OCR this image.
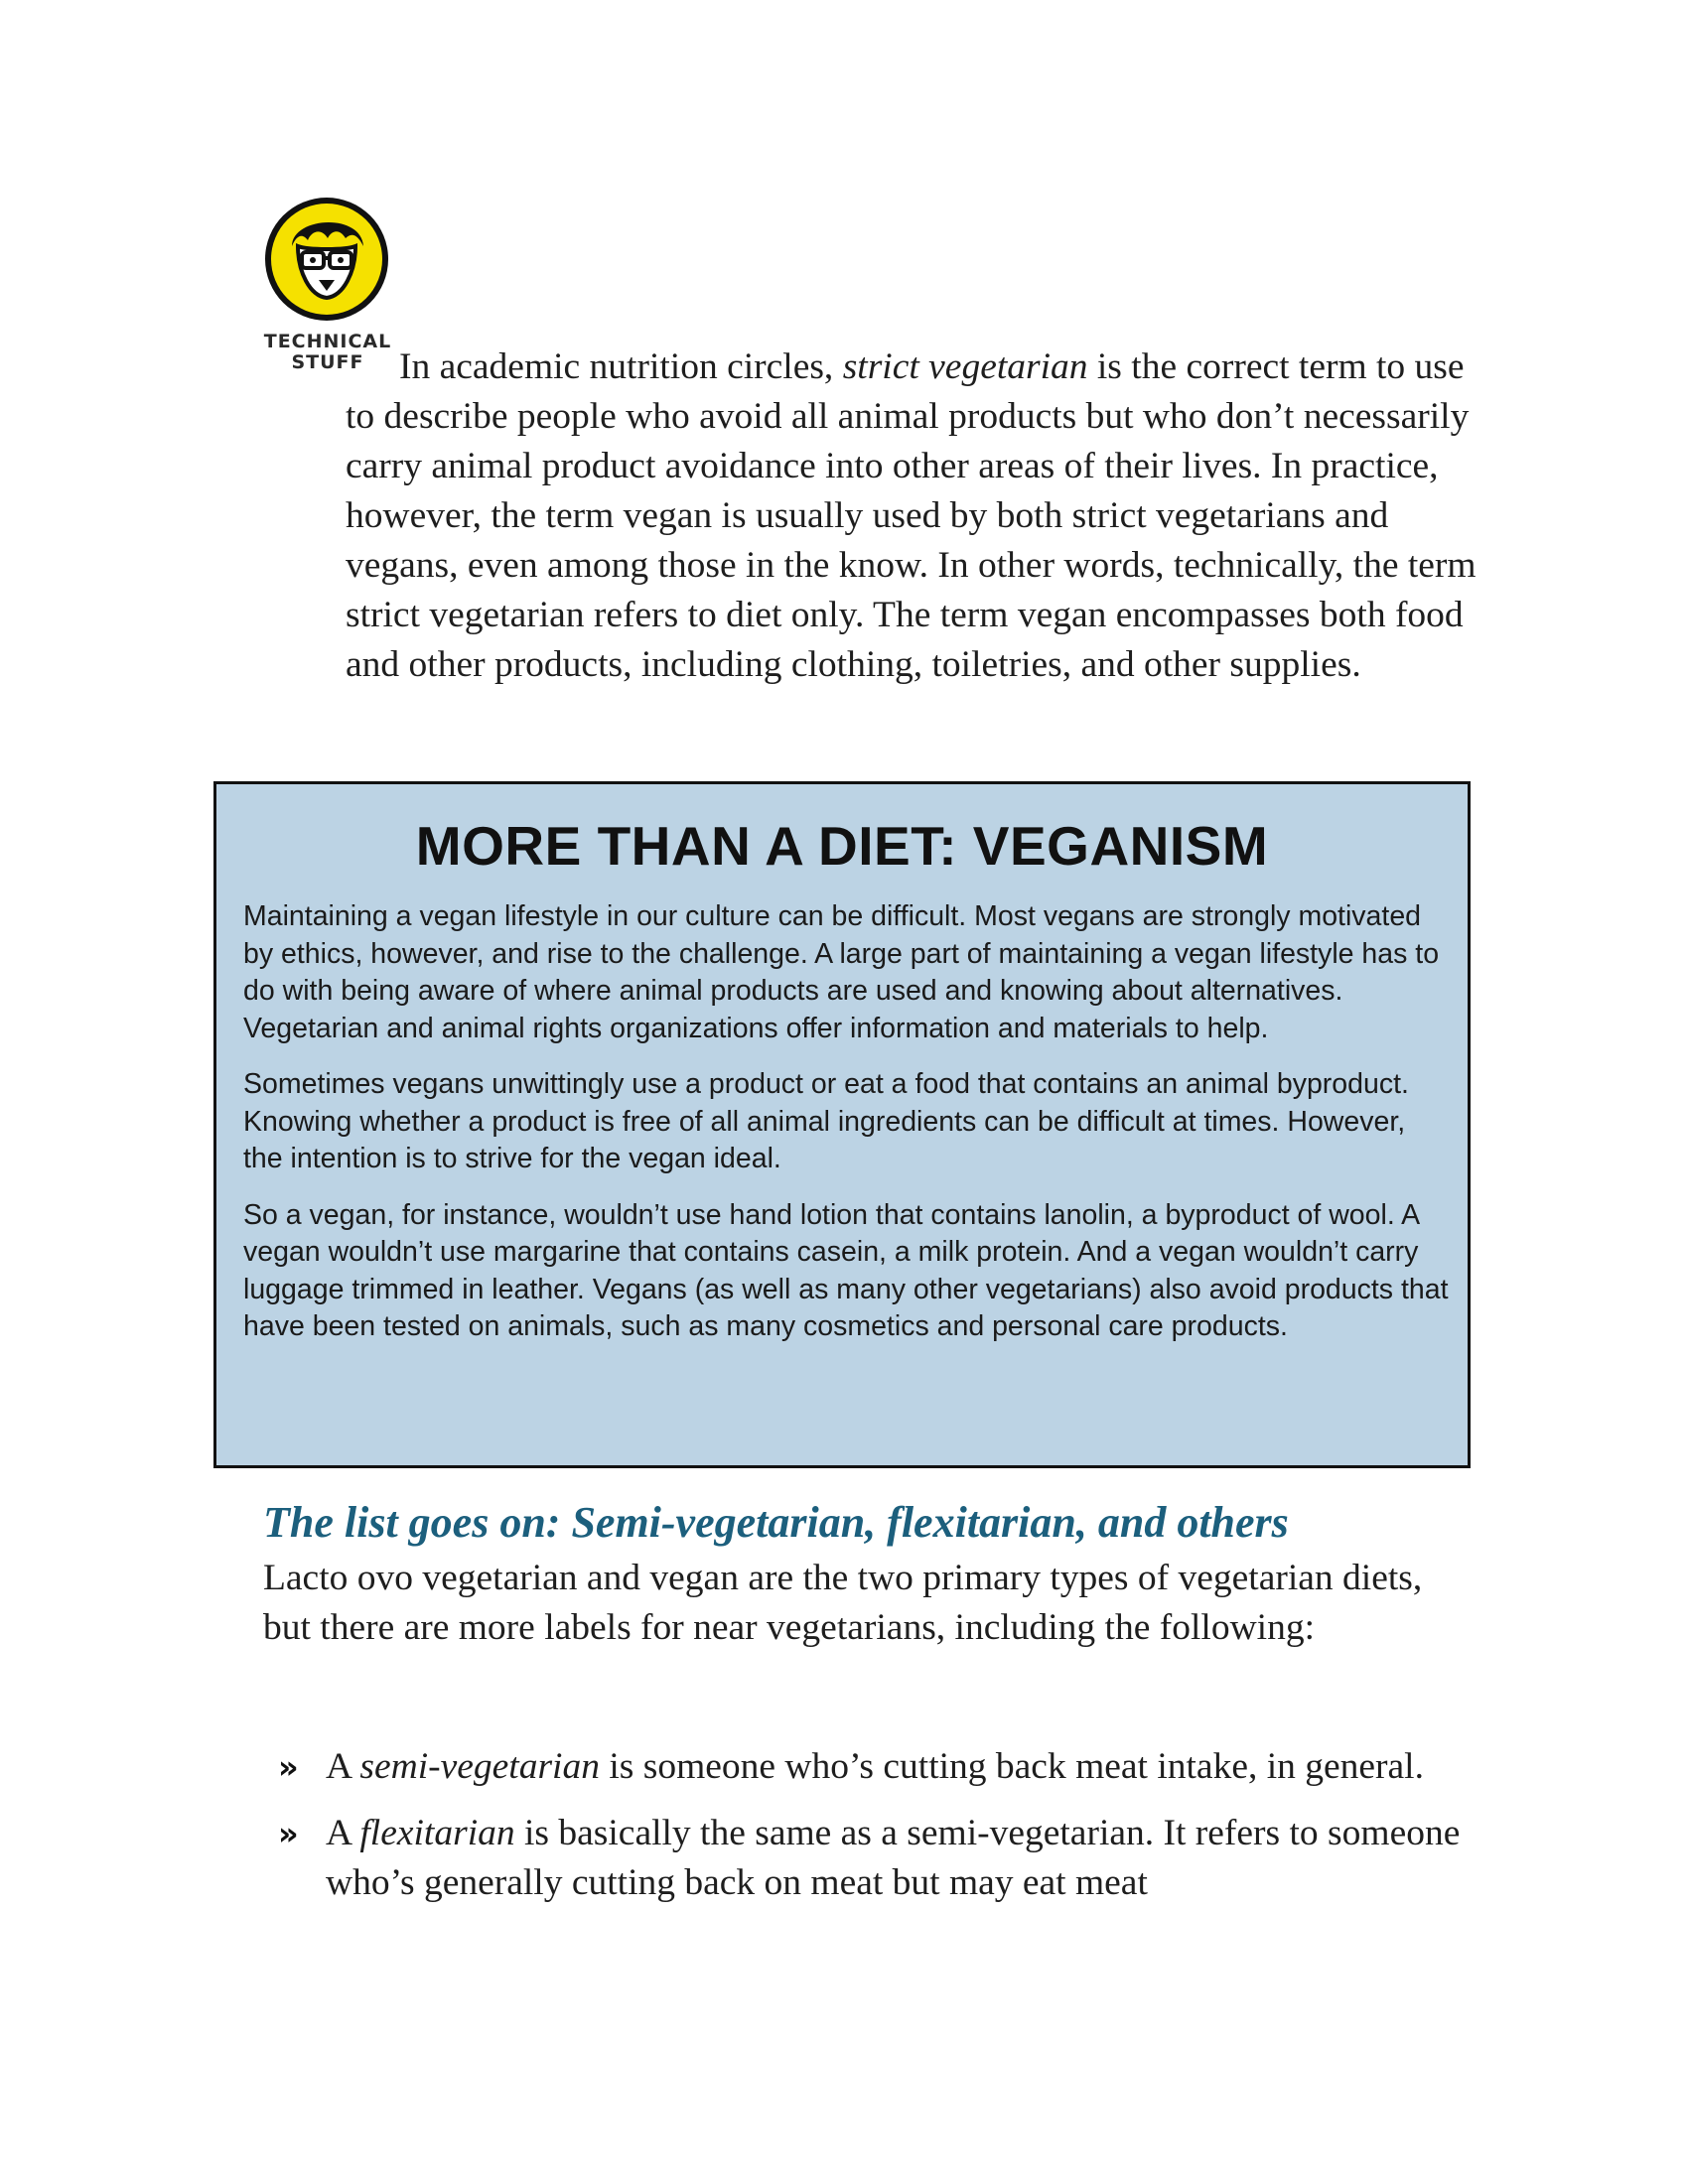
TECHNICAL
STUFF In academic nutrition circles, strict vegetarian is the correct term to use to describe people who avoid all animal products but who don’t necessarily carry animal product avoidance into other areas of their lives. In practice, however, the term vegan is usually used by both strict vegetarians and vegans, even among those in the know. In other words, technically, the term strict vegetarian refers to diet only. The term vegan encompasses both food and other products, including clothing, toiletries, and other supplies.

MORE THAN A DIET: VEGANISM

Maintaining a vegan lifestyle in our culture can be difficult. Most vegans are strongly motivated by ethics, however, and rise to the challenge. A large part of maintaining a vegan lifestyle has to do with being aware of where animal products are used and knowing about alternatives. Vegetarian and animal rights organizations offer information and materials to help.

Sometimes vegans unwittingly use a product or eat a food that contains an animal byproduct. Knowing whether a product is free of all animal ingredients can be difficult at times. However, the intention is to strive for the vegan ideal.

So a vegan, for instance, wouldn’t use hand lotion that contains lanolin, a byproduct of wool. A vegan wouldn’t use margarine that contains casein, a milk protein. And a vegan wouldn’t carry luggage trimmed in leather. Vegans (as well as many other vegetarians) also avoid products that have been tested on animals, such as many cosmetics and personal care products.

The list goes on: Semi-vegetarian, flexitarian, and others

Lacto ovo vegetarian and vegan are the two primary types of vegetarian diets, but there are more labels for near vegetarians, including the following:

» A semi-vegetarian is someone who’s cutting back meat intake, in general.
» A flexitarian is basically the same as a semi-vegetarian. It refers to someone who’s generally cutting back on meat but may eat meat
